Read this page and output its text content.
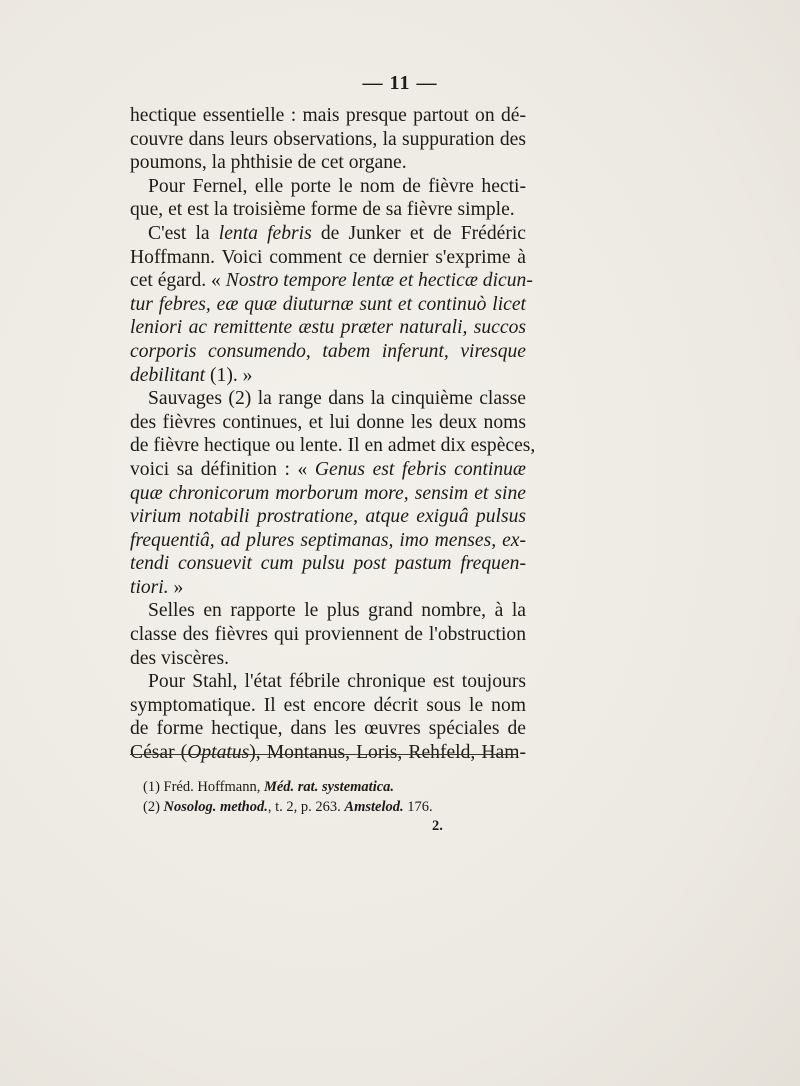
— 11 —
hectique essentielle : mais presque partout on dé-
couvre dans leurs observations, la suppuration des
poumons, la phthisie de cet organe.
Pour Fernel, elle porte le nom de fièvre hecti-
que, et est la troisième forme de sa fièvre simple.
C'est la lenta febris de Junker et de Frédéric
Hoffmann. Voici comment ce dernier s'exprime à
cet égard. « Nostro tempore lentæ et hecticæ dicun-
tur febres, eæ quæ diuturnæ sunt et continuò licet
leniori ac remittente æstu præter naturali, succos
corporis consumendo, tabem inferunt, viresque
debilitant (1). »
Sauvages (2) la range dans la cinquième classe
des fièvres continues, et lui donne les deux noms
de fièvre hectique ou lente. Il en admet dix espèces,
voici sa définition : « Genus est febris continuæ
quæ chronicorum morborum more, sensim et sine
virium notabili prostratione, atque exiguâ pulsus
frequentiâ, ad plures septimanas, imo menses, ex-
tendi consuevit cum pulsu post pastum frequen-
tiori. »
Selles en rapporte le plus grand nombre, à la
classe des fièvres qui proviennent de l'obstruction
des viscères.
Pour Stahl, l'état fébrile chronique est toujours
symptomatique. Il est encore décrit sous le nom
de forme hectique, dans les œuvres spéciales de
César (Optatus), Montanus, Loris, Rehfeld, Ham-
(1) Fréd. Hoffmann, Méd. rat. systematica.
(2) Nosolog. method., t. 2, p. 263. Amstelod. 176.
2.
